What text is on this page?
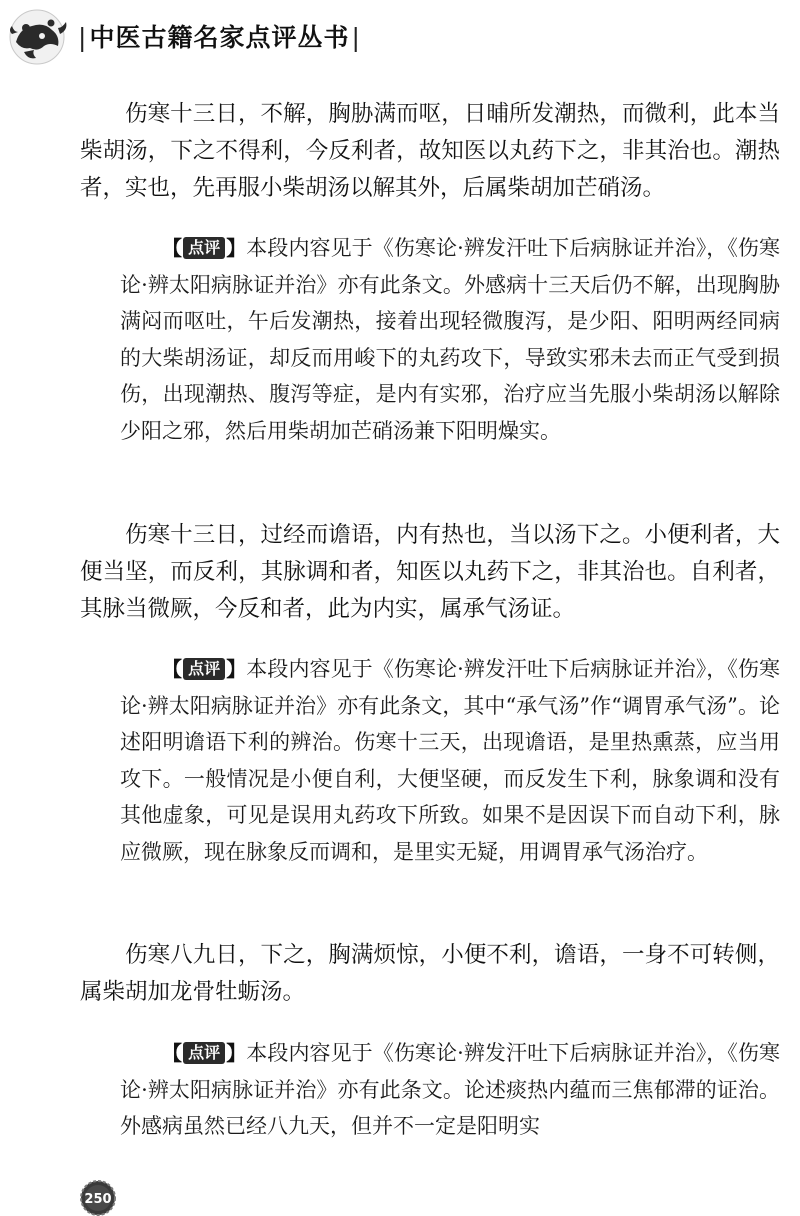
|中医古籍名家点评丛书|

伤寒十三日，不解，胸胁满而呕，日晡所发潮热，而微利，此本当柴胡汤，下之不得利，今反利者，故知医以丸药下之，非其治也。潮热者，实也，先再服小柴胡汤以解其外，后属柴胡加芒硝汤。

【 点评 】本段内容见于《伤寒论·辨发汗吐下后病脉证并治》，《伤寒论·辨太阳病脉证并治》亦有此条文。外感病十三天后仍不解，出现胸胁满闷而呕吐，午后发潮热，接着出现轻微腹泻，是少阳、阳明两经同病的大柴胡汤证，却反而用峻下的丸药攻下，导致实邪未去而正气受到损伤，出现潮热、腹泻等症，是内有实邪，治疗应当先服小柴胡汤以解除少阳之邪，然后用柴胡加芒硝汤兼下阳明燥实。

伤寒十三日，过经而谵语，内有热也，当以汤下之。小便利者，大便当坚，而反利，其脉调和者，知医以丸药下之，非其治也。自利者，其脉当微厥，今反和者，此为内实，属承气汤证。

【 点评 】本段内容见于《伤寒论·辨发汗吐下后病脉证并治》，《伤寒论·辨太阳病脉证并治》亦有此条文，其中“承气汤”作“调胃承气汤”。论述阳明谵语下利的辨治。伤寒十三天，出现谵语，是里热熏蒸，应当用攻下。一般情况是小便自利，大便坚硬，而反发生下利，脉象调和没有其他虚象，可见是误用丸药攻下所致。如果不是因误下而自动下利，脉应微厥，现在脉象反而调和，是里实无疑，用调胃承气汤治疗。

伤寒八九日，下之，胸满烦惊，小便不利，谵语，一身不可转侧，属柴胡加龙骨牡蛎汤。

【 点评 】本段内容见于《伤寒论·辨发汗吐下后病脉证并治》，《伤寒论·辨太阳病脉证并治》亦有此条文。论述痰热内蕴而三焦郁滞的证治。外感病虽然已经八九天，但并不一定是阳明实

250
